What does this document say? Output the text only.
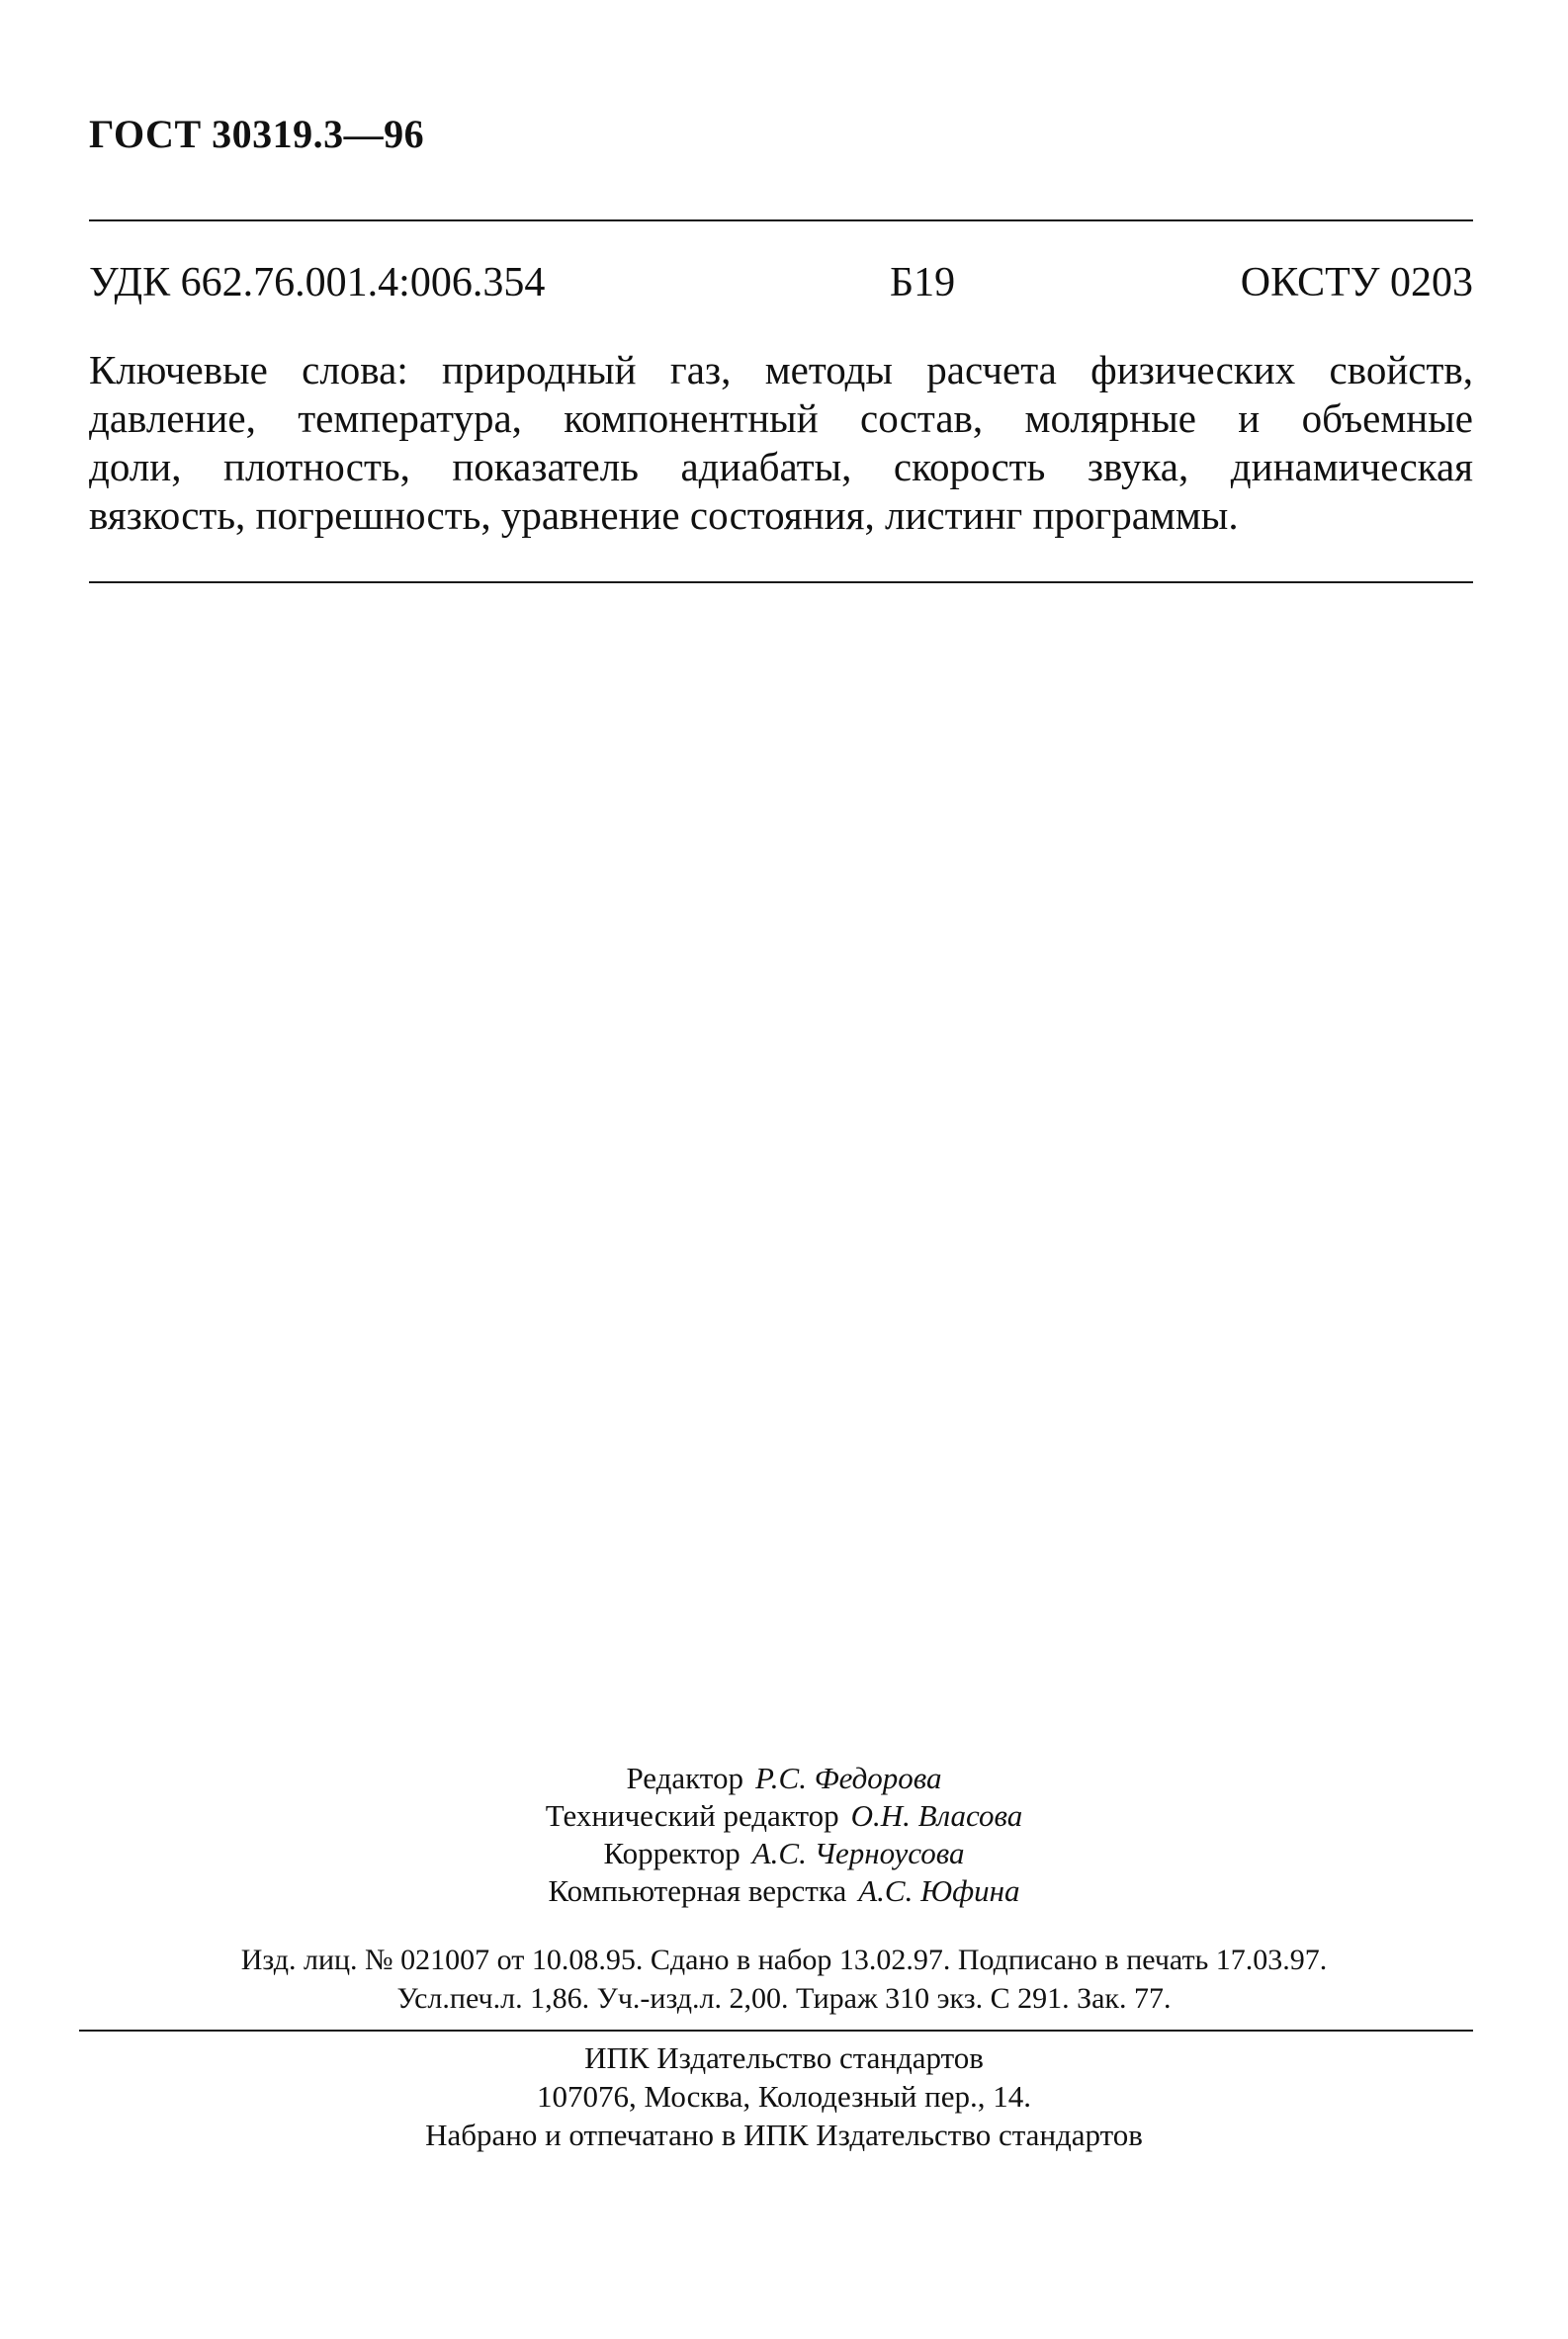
ГОСТ 30319.3—96
УДК 662.76.001.4:006.354	Б19	ОКСТУ 0203
Ключевые слова: природный газ, методы расчета физических свойств,
давление, температура, компонентный состав, молярные и объемные
доли, плотность, показатель адиабаты, скорость звука, динамическая
вязкость, погрешность, уравнение состояния, листинг программы.
Редактор Р.С. Федорова
Технический редактор О.Н. Власова
Корректор А.С. Черноусова
Компьютерная верстка А.С. Юфина
Изд. лиц. № 021007 от 10.08.95. Сдано в набор 13.02.97. Подписано в печать 17.03.97.
Усл.печ.л. 1,86. Уч.-изд.л. 2,00. Тираж 310 экз. С 291. Зак. 77.
ИПК Издательство стандартов
107076, Москва, Колодезный пер., 14.
Набрано и отпечатано в ИПК Издательство стандартов
